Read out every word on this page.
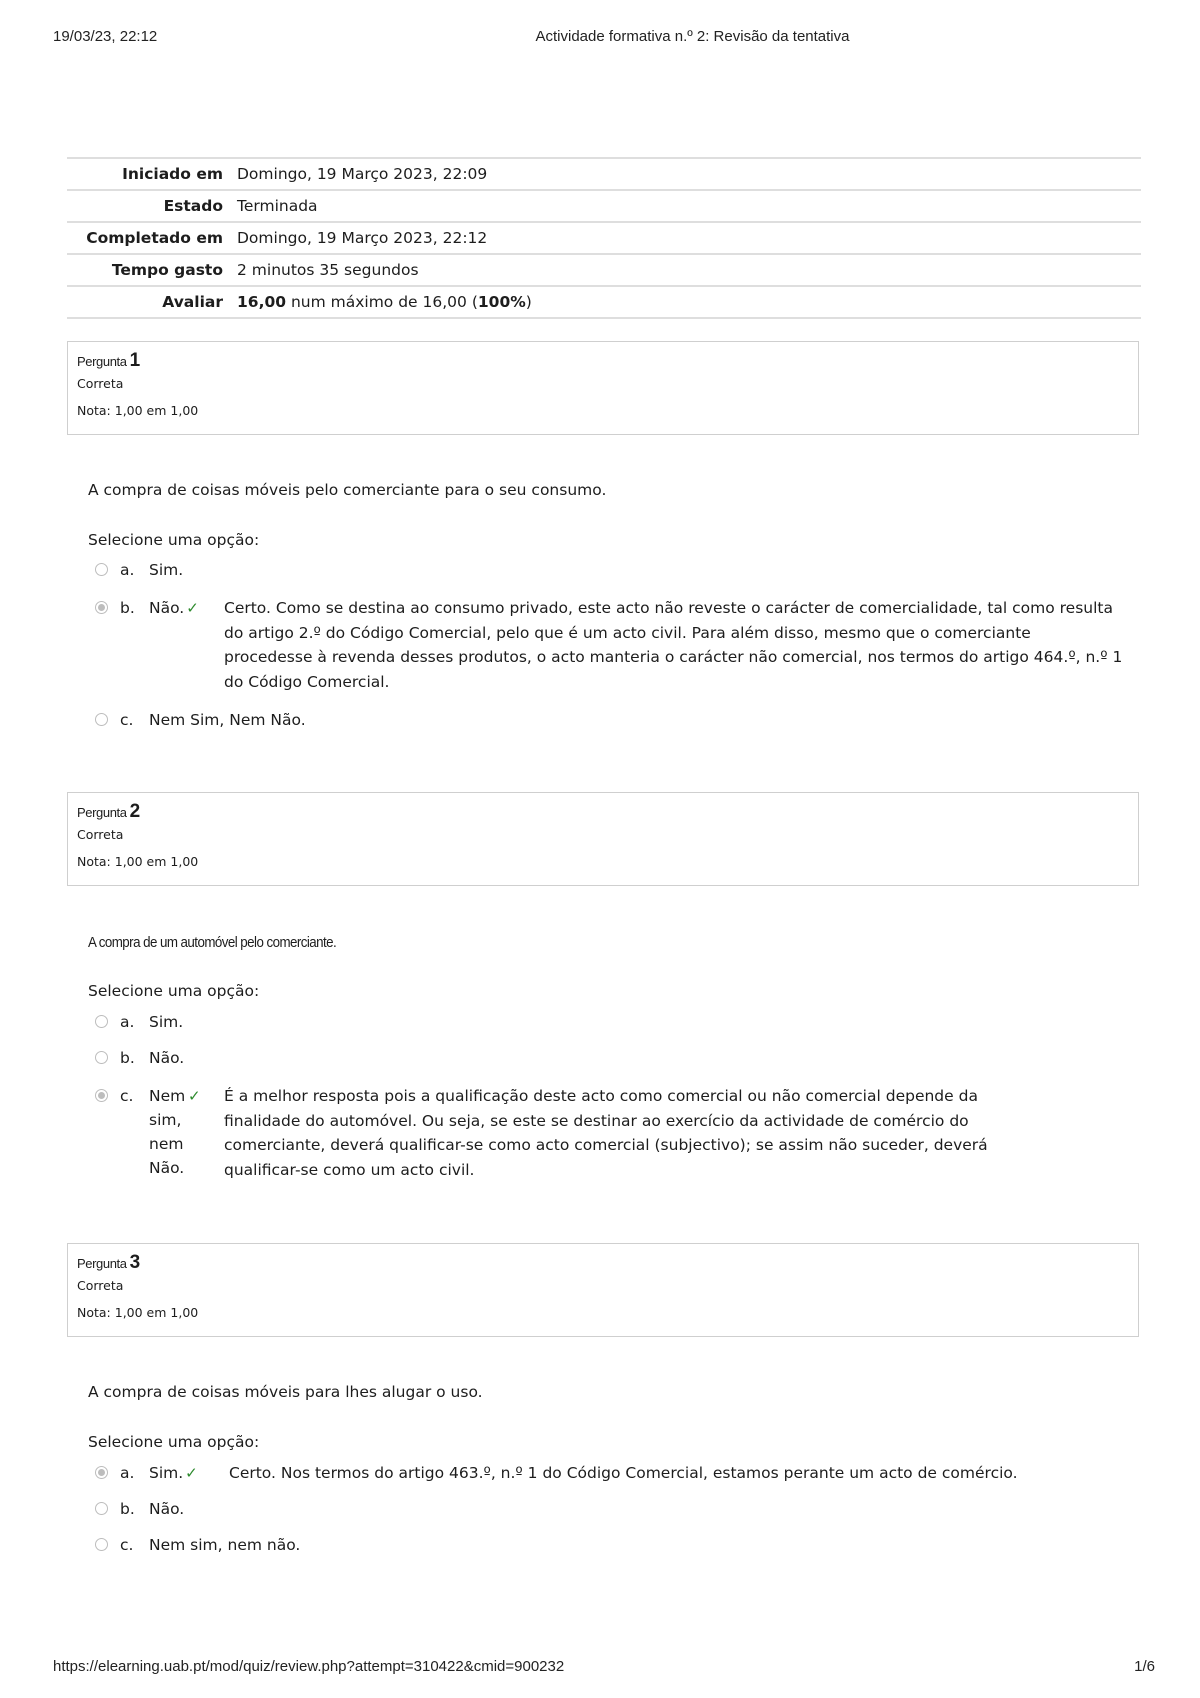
19/03/23, 22:12	Actividade formativa n.º 2: Revisão da tentativa
Iniciado em	Domingo, 19 Março 2023, 22:09
Estado	Terminada
Completado em	Domingo, 19 Março 2023, 22:12
Tempo gasto	2 minutos 35 segundos
Avaliar	16,00 num máximo de 16,00 (100%)
Pergunta 1
Correta
Nota: 1,00 em 1,00
A compra de coisas móveis pelo comerciante para o seu consumo.
Selecione uma opção:
a. Sim.
b. Não. ✓ Certo. Como se destina ao consumo privado, este acto não reveste o carácter de comercialidade, tal como resulta do artigo 2.º do Código Comercial, pelo que é um acto civil. Para além disso, mesmo que o comerciante procedesse à revenda desses produtos, o acto manteria o carácter não comercial, nos termos do artigo 464.º, n.º 1 do Código Comercial.
c. Nem Sim, Nem Não.
Pergunta 2
Correta
Nota: 1,00 em 1,00
A compra de um automóvel pelo comerciante.
Selecione uma opção:
a. Sim.
b. Não.
c. Nem sim, nem Não.
✓ É a melhor resposta pois a qualificação deste acto como comercial ou não comercial depende da finalidade do automóvel. Ou seja, se este se destinar ao exercício da actividade de comércio do comerciante, deverá qualificar-se como acto comercial (subjectivo); se assim não suceder, deverá qualificar-se como um acto civil.
Pergunta 3
Correta
Nota: 1,00 em 1,00
A compra de coisas móveis para lhes alugar o uso.
Selecione uma opção:
a. Sim. ✓ Certo. Nos termos do artigo 463.º, n.º 1 do Código Comercial, estamos perante um acto de comércio.
b. Não.
c. Nem sim, nem não.
https://elearning.uab.pt/mod/quiz/review.php?attempt=310422&cmid=900232	1/6
